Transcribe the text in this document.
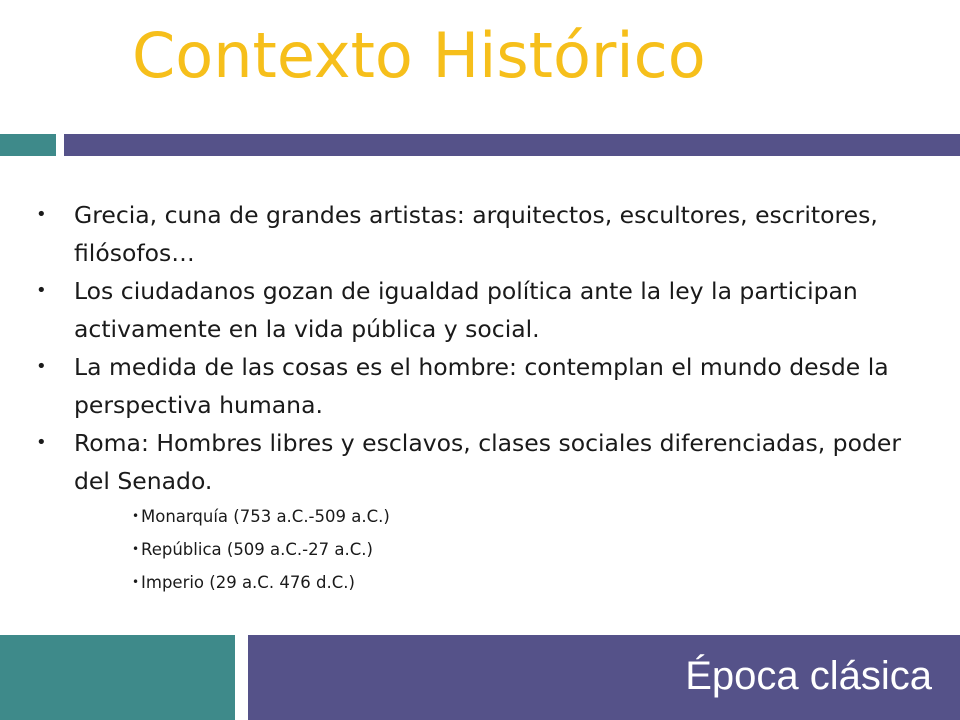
Contexto Histórico
• Grecia, cuna de grandes artistas: arquitectos, escultores, escritores, filósofos…
• Los ciudadanos gozan de igualdad política ante la ley la participan activamente en la vida pública y social.
• La medida de las cosas es el hombre: contemplan el mundo desde la perspectiva humana.
• Roma: Hombres libres y esclavos, clases sociales diferenciadas, poder del Senado.
• Monarquía (753 a.C.-509 a.C.)
• República (509 a.C.-27 a.C.)
• Imperio (29 a.C. 476 d.C.)
Época clásica
